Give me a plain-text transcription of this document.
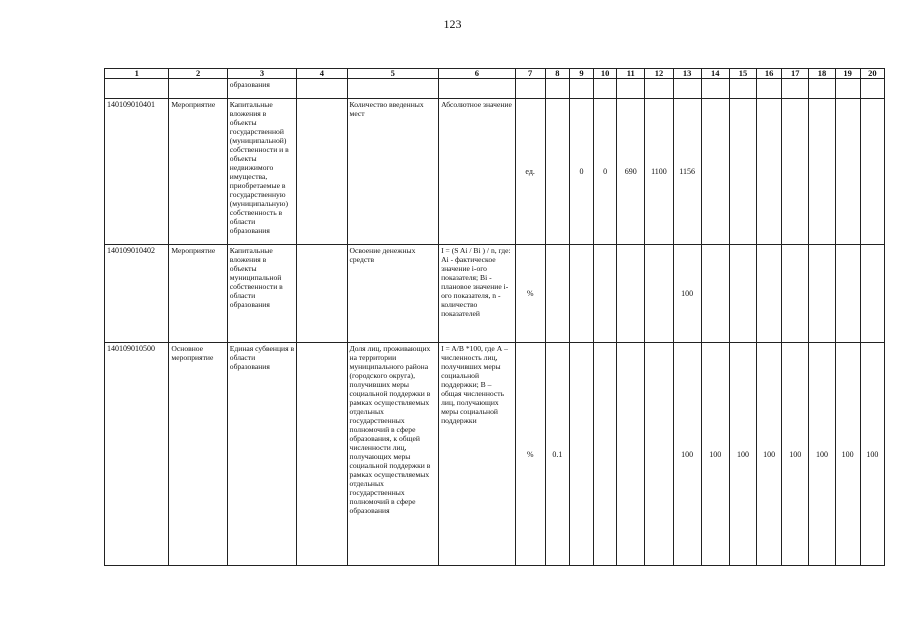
123
1	2	3	4	5	6	7	8	9	10	11	12	13	14	15	16	17	18	19	20
		образования																	
140109010401	Мероприятие	Капитальные вложения в объекты государственной (муниципальной) собственности и в объекты недвижимого имущества, приобретаемые в государственную (муниципальную) собственность в области образования		Количество введенных мест	Абсолютное значение	ед.		0	0	690	1100	1156							
140109010402	Мероприятие	Капитальные вложения в объекты муниципальной собственности в области образования		Освоение денежных средств	I = (S Ai / Bi ) / n, где: Ai - фактическое значение i-ого показателя; Bi - плановое значение i-ого показателя, n - количество показателей	%						100							
140109010500	Основное мероприятие	Единая субвенция в области образования		Доля лиц, проживающих на территории муниципального района (городского округа), получивших меры социальной поддержки в рамках осуществляемых отдельных государственных полномочий в сфере образования, к общей численности лиц, получающих меры социальной поддержки в рамках осуществляемых отдельных государственных полномочий в сфере образования	I = A/B *100, где А – численность лиц, получивших меры социальной поддержки; В – общая численность лиц, получающих меры социальной поддержки	%	0.1					100	100	100	100	100	100	100	100
